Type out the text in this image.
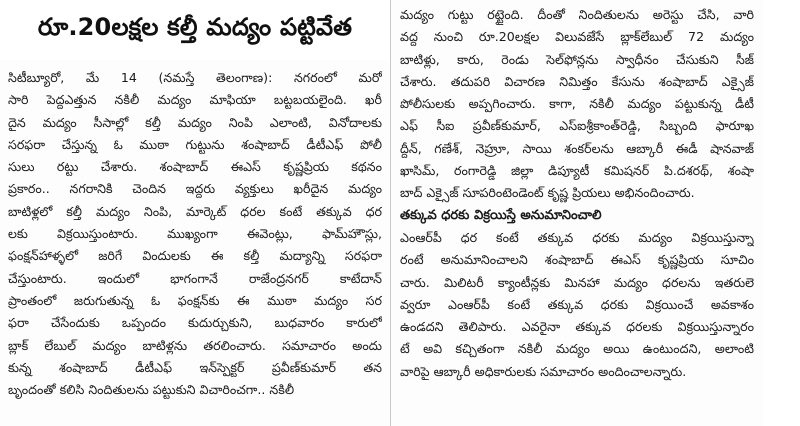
రూ.20లక్షల కల్తీ మద్యం పట్టివేత
సిటీబ్యూరో, మే 14 (నమస్తే తెలంగాణ): నగరంలో మరో
సారి పెద్దఎత్తున నకిలీ మద్యం మాఫియా బట్టబయలైంది. ఖరీ
దైన మద్యం సీసాల్లో కల్తీ మద్యం నింపి ఎలాంటి, వినోదాలకు
సరఫరా చేస్తున్న ఓ ముఠా గుట్టును శంషాబాద్ డీటీఎఫ్ పోలీ
సులు రట్టు చేశారు. శంషాబాద్ ఈఎస్ కృష్ణప్రియ కథనం
ప్రకారం.. నగరానికి చెందిన ఇద్దరు వ్యక్తులు ఖరీదైన మద్యం
బాటిళ్లలో కల్తీ మద్యం నింపి, మార్కెట్ ధరల కంటే తక్కువ ధర
లకు విక్రయిస్తుంటారు. ముఖ్యంగా ఈవెంట్లు, ఫామ్‌హౌస్లు,
ఫంక్షన్‌హాళ్ళలో జరిగే విందులకు ఈ కల్తీ మద్యాన్ని సరఫరా
చేస్తుంటారు. ఇందులో భాగంగానే రాజేంద్రనగర్ కాటేదాన్
ప్రాంతంలో జరుగుతున్న ఓ ఫంక్షన్‌కు ఈ ముఠా మద్యం సర
ఫరా చేసేందుకు ఒప్పందం కుదుర్చుకుని, బుధవారం కారులో
బ్లాక్ లేబుల్ మద్యం బాటిళ్లను తరలించారు. సమాచారం అందు
కున్న శంషాబాద్ డీటీఎఫ్ ఇన్‌స్పెక్టర్ ప్రవీణ్‌కుమార్ తన
బృందంతో కలిసి నిందితులను పట్టుకుని విచారించగా.. నకిలీ
మద్యం గుట్టు రట్టైంది. దీంతో నిందితులను అరెస్టు చేసి, వారి
వద్ద నుంచి రూ.20లక్షల విలువజేసే బ్లాక్‌లేబుల్ 72 మద్యం
బాటిళ్లు, కారు, రెండు సెల్‌ఫోన్లను స్వాధీనం చేసుకుని సీజ్
చేశారు. తదుపరి విచారణ నిమిత్తం కేసును శంషాబాద్ ఎక్సైజ్
పోలీసులకు అప్పగించారు. కాగా, నకిలీ మద్యం పట్టుకున్న డీటీ
ఎఫ్ సీఐ ప్రవీణ్‌కుమార్, ఎస్ఐశ్రీకాంత్‌రెడ్డి, సిబ్బంది ఫారూఖ
ద్దీన్, గణేశ్, నెహ్రూ, సాయి శంకర్‌లను ఆబ్కారీ ఈడీ షానవాజ్
ఖాసిమ్, రంగారెడ్డి జిల్లా డిప్యూటీ కమిషనర్ పి.దశరథ్, శంషా
బాద్ ఎక్సైజ్ సూపరింటెండెంట్ కృష్ణ ప్రియలు అభినందించారు.
తక్కువ ధరకు విక్రయిస్తే అనుమానించాలి
ఎంఆర్‌పీ ధర కంటే తక్కువ ధరకు మద్యం విక్రయిస్తున్నా
రంటే అనుమానించాలని శంషాబాద్ ఈఎస్ కృష్ణప్రియ సూచిం
చారు. మిలిటరీ క్యాంటీన్లకు మినహా మద్యం ధరలను ఇతరులె
వ్వరూ ఎంఆర్‌పీ కంటే తక్కువ ధరకు విక్రయించే అవకాశం
ఉండదని తెలిపారు. ఎవరైనా తక్కువ ధరలకు విక్రయిస్తున్నారం
టే అవి కచ్చితంగా నకిలీ మద్యం అయి ఉంటుందని, అలాంటి
వారిపై ఆబ్కారీ అధికారులకు సమాచారం అందించాలన్నారు.
